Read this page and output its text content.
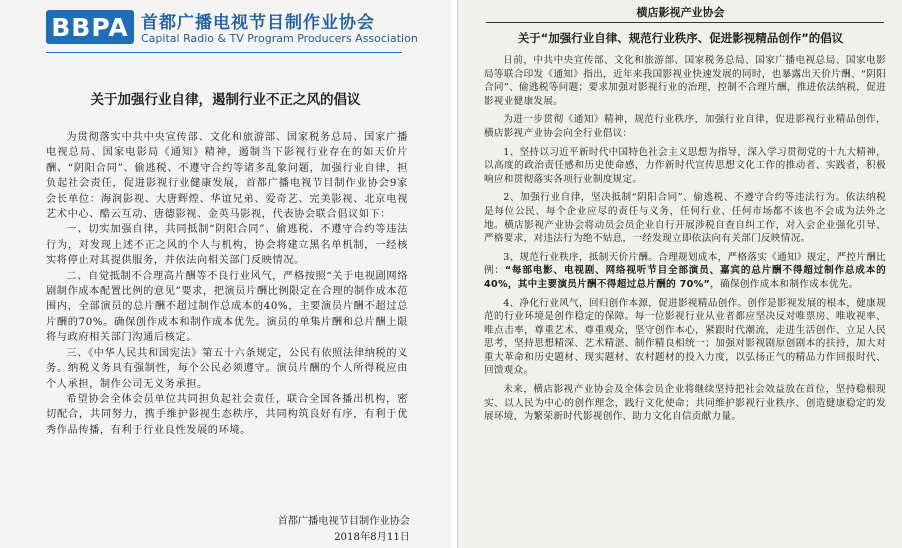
BBPA 首都广播电视节目制作业协会
Capital Radio & TV Program Producers Association
关于加强行业自律，遏制行业不正之风的倡议

为贯彻落实中共中央宣传部、文化和旅游部、国家税务总局、国家广播电视总局、国家电影局《通知》精神，遏制当下影视行业存在的如天价片酬、“阴阳合同”、偷逃税、不遵守合约等诸多乱象问题，加强行业自律，担负起社会责任，促进影视行业健康发展，首都广播电视节目制作业协会9家会长单位：海润影视、大唐辉煌、华谊兄弟、爱奇艺、完美影视、北京电视艺术中心、酷云互动、唐德影视、金英马影视，代表协会联合倡议如下：

一、切实加强自律，共同抵制“阴阳合同”、偷逃税、不遵守合约等违法行为，对发现上述不正之风的个人与机构，协会将建立黑名单机制，一经核实将停止对其提供服务，并依法向相关部门反映情况。

二、自觉抵制不合理高片酬等不良行业风气，严格按照“关于电视剧网络剧制作成本配置比例的意见”要求，把演员片酬比例限定在合理的制作成本范围内，全部演员的总片酬不超过制作总成本的40%，主要演员片酬不超过总片酬的70%。确保创作成本和制作成本优先。演员的单集片酬和总片酬上限将与政府相关部门沟通后核定。

三、《中华人民共和国宪法》第五十六条规定，公民有依照法律纳税的义务。纳税义务具有强制性，每个公民必须遵守。演员片酬的个人所得税应由个人承担，制作公司无义务承担。

希望协会全体会员单位共同担负起社会责任，联合全国各播出机构，密切配合，共同努力，携手维护影视生态秩序，共同构筑良好有序，有利于优秀作品传播，有利于行业良性发展的环境。

首都广播电视节目制作业协会
2018年8月11日
横店影视产业协会
关于“加强行业自律、规范行业秩序、促进影视精品创作”的倡议

日前，中共中央宣传部、文化和旅游部、国家税务总局、国家广播电视总局、国家电影局等联合印发《通知》指出，近年来我国影视业快速发展的同时，也暴露出天价片酬、“阴阳合同”、偷逃税等问题；要求加强对影视行业的治理，控制不合理片酬，推进依法纳税，促进影视业健康发展。

为进一步贯彻《通知》精神，规范行业秩序，加强行业自律，促进影视行业精品创作，横店影视产业协会向全行业倡议：

1、坚持以习近平新时代中国特色社会主义思想为指导，深入学习贯彻党的十九大精神，以高度的政治责任感和历史使命感，力作新时代宣传思想文化工作的推动者、实践者，积极响应和贯彻落实各项行业制度规定。

2、加强行业自律，坚决抵制“阴阳合同”、偷逃税、不遵守合约等违法行为。依法纳税是每位公民、每个企业应尽的责任与义务，任何行业、任何市场都不该也不会成为法外之地。横店影视产业协会将动员会员企业自行开展涉税自查自纠工作，对入会企业强化引导、严格要求，对违法行为绝不姑息，一经发现立即依法向有关部门反映情况。

3、规范行业秩序，抵制天价片酬。合理规划成本，严格落实《通知》规定，严控片酬比例：“每部电影、电视剧、网络视听节目全部演员、嘉宾的总片酬不得超过制作总成本的 40%，其中主要演员片酬不得超过总片酬的 70%”，确保创作成本和制作成本优先。

4、净化行业风气，回归创作本源，促进影视精品创作。创作是影视发展的根本，健康规范的行业环境是创作稳定的保障。每一位影视行业从业者都应坚决反对唯票房、唯收视率、唯点击率，尊重艺术、尊重观众，坚守创作本心，紧跟时代潮流，走进生活创作、立足人民思考，坚持思想精深、艺术精湛、制作精良相统一；加强对影视剧原创剧本的扶持，加大对重大革命和历史题材、现实题材、农村题材的投入力度，以弘扬正气的精品力作回报时代、回馈观众。

未来，横店影视产业协会及全体会员企业将继续坚持把社会效益放在首位，坚持稳根现实、以人民为中心的创作理念，践行文化使命；共同维护影视行业秩序、创造健康稳定的发展环境，为繁荣新时代影视创作、助力文化自信贡献力量。
